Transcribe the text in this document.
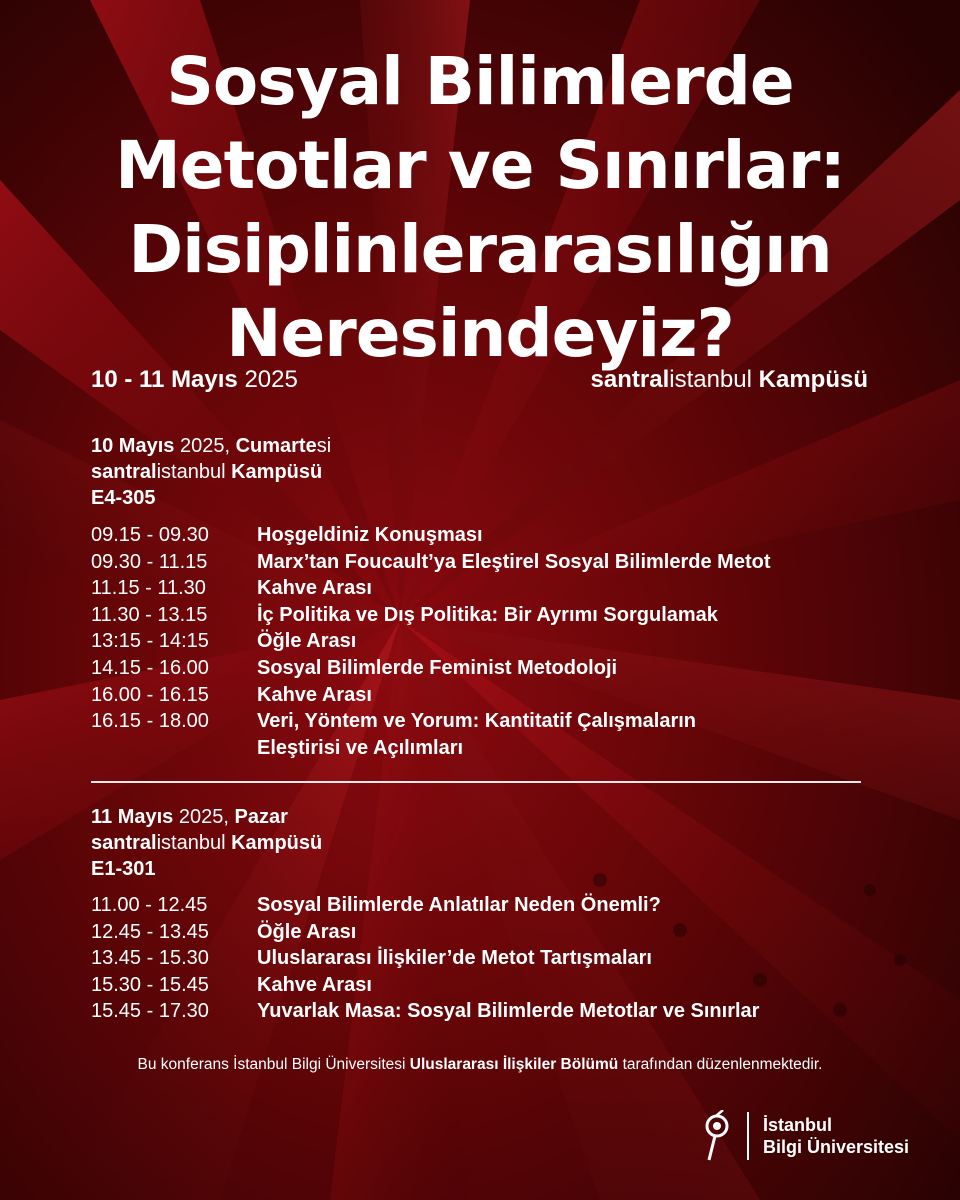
Sosyal Bilimlerde
Metotlar ve Sınırlar:
Disiplinlerarasılığın
Neresindeyiz?
10 - 11 Mayıs 2025	santralistanbul Kampüsü
10 Mayıs 2025, Cumartesi
santralistanbul Kampüsü
E4-305
09.15 - 09.30	Hoşgeldiniz Konuşması
09.30 - 11.15	Marx’tan Foucault’ya Eleştirel Sosyal Bilimlerde Metot
11.15 - 11.30	Kahve Arası
11.30 - 13.15	İç Politika ve Dış Politika: Bir Ayrımı Sorgulamak
13:15 - 14:15	Öğle Arası
14.15 - 16.00	Sosyal Bilimlerde Feminist Metodoloji
16.00 - 16.15	Kahve Arası
16.15 - 18.00	Veri, Yöntem ve Yorum: Kantitatif Çalışmaların
Eleştirisi ve Açılımları
11 Mayıs 2025, Pazar
santralistanbul Kampüsü
E1-301
11.00 - 12.45	Sosyal Bilimlerde Anlatılar Neden Önemli?
12.45 - 13.45	Öğle Arası
13.45 - 15.30	Uluslararası İlişkiler’de Metot Tartışmaları
15.30 - 15.45	Kahve Arası
15.45 - 17.30	Yuvarlak Masa: Sosyal Bilimlerde Metotlar ve Sınırlar
Bu konferans İstanbul Bilgi Üniversitesi Uluslararası İlişkiler Bölümü tarafından düzenlenmektedir.
İstanbul
Bilgi Üniversitesi
